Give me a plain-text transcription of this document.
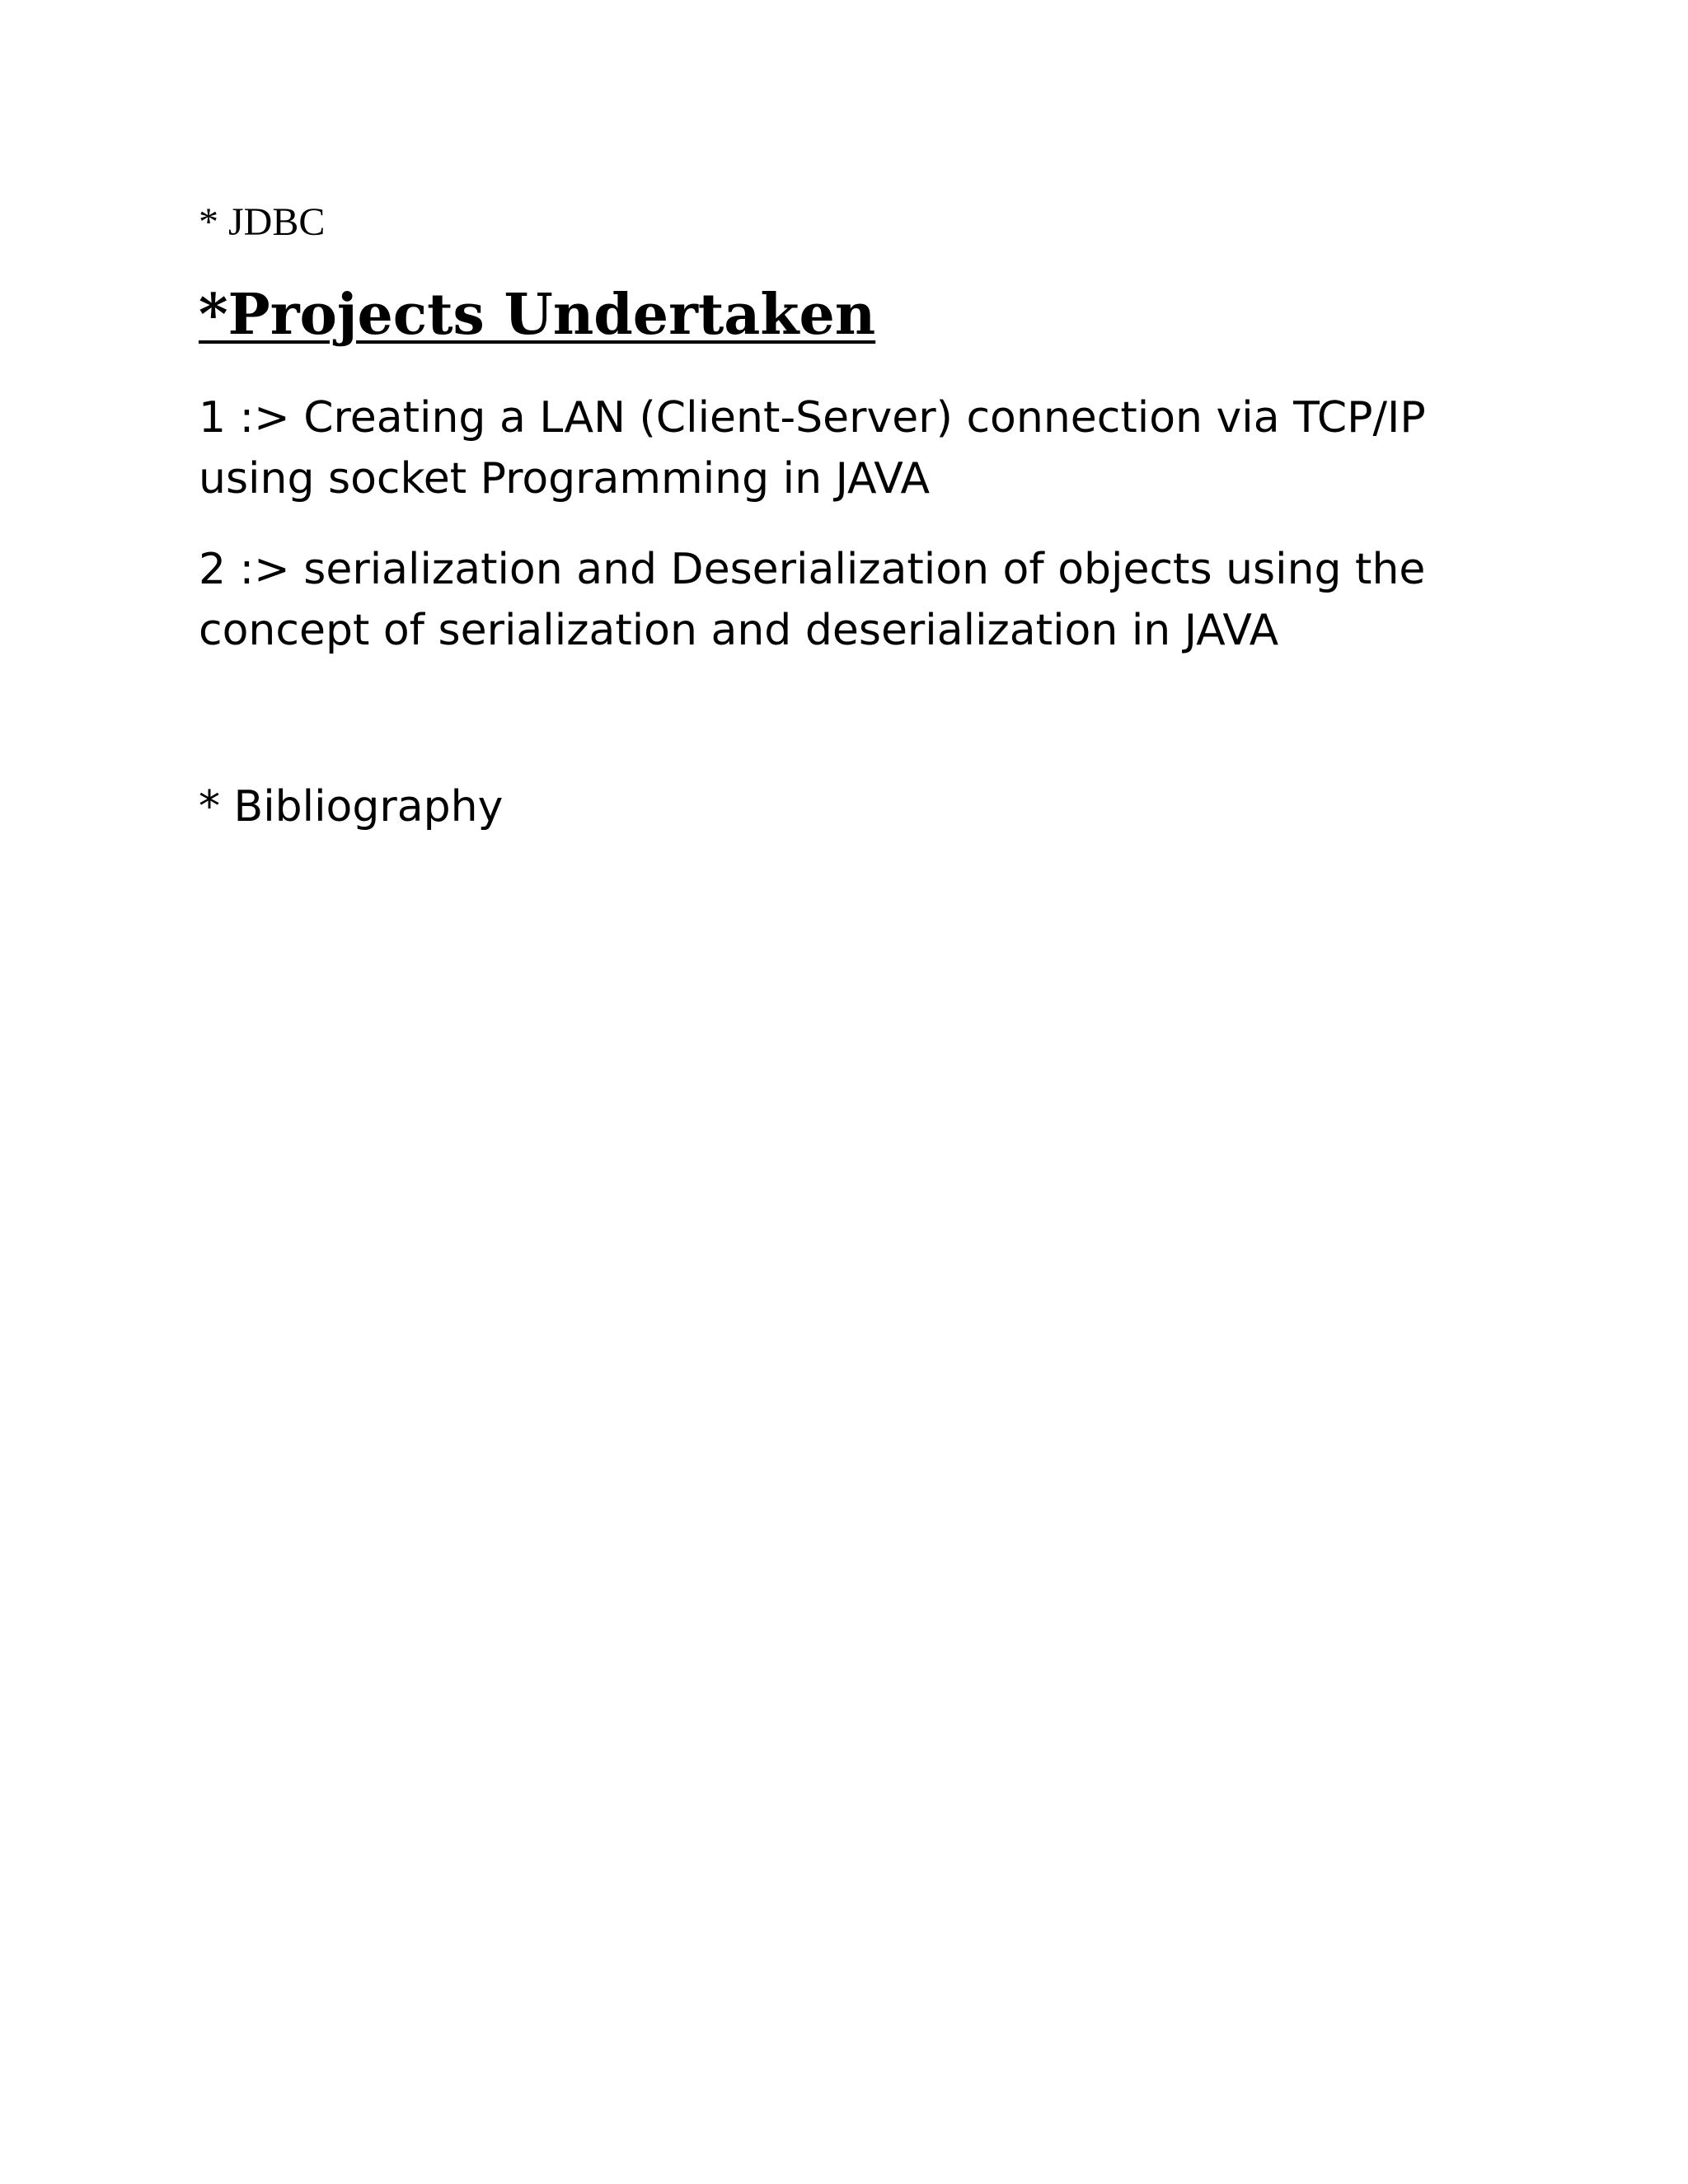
* JDBC

*Projects Undertaken

1 :> Creating a LAN (Client-Server) connection via TCP/IP using socket Programming in JAVA

2 :> serialization and Deserialization of objects using the concept of serialization and deserialization in JAVA

* Bibliography
